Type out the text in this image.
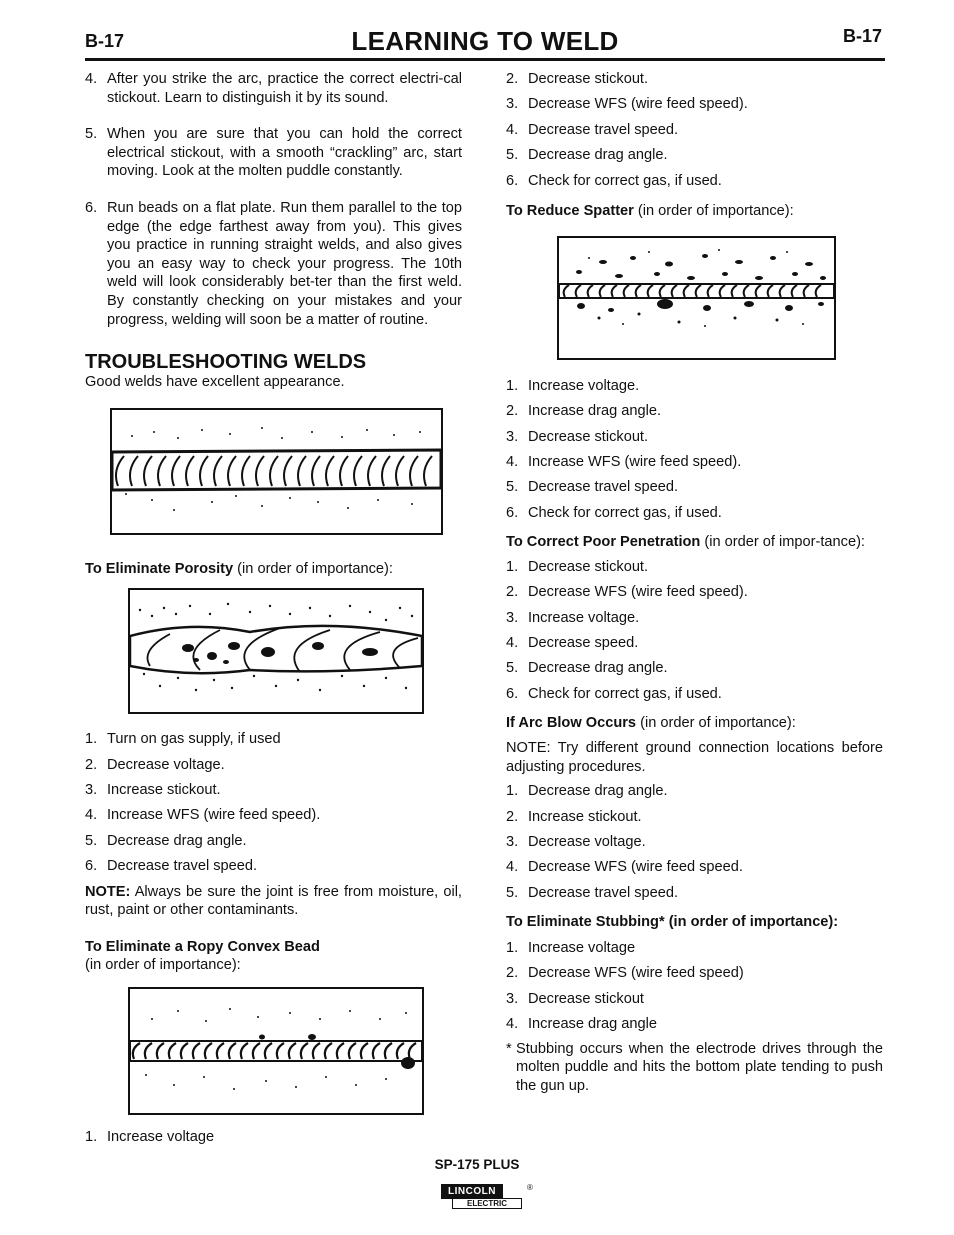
B-17	LEARNING TO WELD	B-17
4. After you strike the arc, practice the correct electri-cal stickout. Learn to distinguish it by its sound.
5. When you are sure that you can hold the correct electrical stickout, with a smooth “crackling” arc, start moving. Look at the molten puddle constantly.
6. Run beads on a flat plate. Run them parallel to the top edge (the edge farthest away from you). This gives you practice in running straight welds, and also gives you an easy way to check your progress. The 10th weld will look considerably bet-ter than the first weld. By constantly checking on your mistakes and your progress, welding will soon be a matter of routine.
TROUBLESHOOTING WELDS

Good welds have excellent appearance.

To Eliminate Porosity (in order of importance):

1. Turn on gas supply, if used
2. Decrease voltage.
3. Increase stickout.
4. Increase WFS (wire feed speed).
5. Decrease drag angle.
6. Decrease travel speed.

NOTE: Always be sure the joint is free from moisture, oil, rust, paint or other contaminants.

To Eliminate a Ropy Convex Bead

(in order of importance):

1. Increase voltage
2. Decrease stickout.
3. Decrease WFS (wire feed speed).
4. Decrease travel speed.
5. Decrease drag angle.
6. Check for correct gas, if used.

To Reduce Spatter (in order of importance):

1. Increase voltage.
2. Increase drag angle.
3. Decrease stickout.
4. Increase WFS (wire feed speed).
5. Decrease travel speed.
6. Check for correct gas, if used.

To Correct Poor Penetration (in order of impor-tance):

1. Decrease stickout.
2. Decrease WFS (wire feed speed).
3. Increase voltage.
4. Decrease speed.
5. Decrease drag angle.
6. Check for correct gas, if used.

If Arc Blow Occurs (in order of importance):

NOTE: Try different ground connection locations before adjusting procedures.

1. Decrease drag angle.
2. Increase stickout.
3. Decrease voltage.
4. Decrease WFS (wire feed speed.
5. Decrease travel speed.

To Eliminate Stubbing* (in order of importance):

1. Increase voltage
2. Decrease WFS (wire feed speed)
3. Decrease stickout
4. Increase drag angle
* Stubbing occurs when the electrode drives through the molten puddle and hits the bottom plate tending to push the gun up.
SP-175 PLUS
LINCOLN	®
ELECTRIC
